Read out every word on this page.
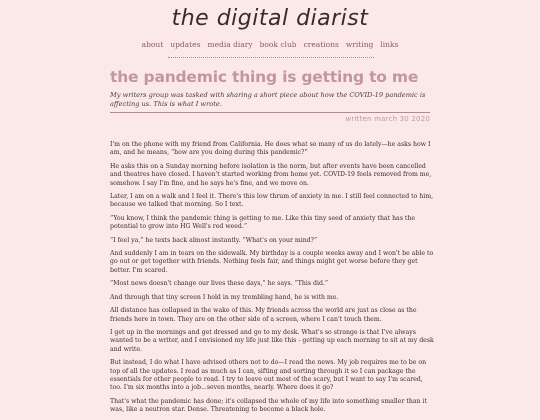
the digital diarist
about updates media diary book club creations writing links
the pandemic thing is getting to me
My writers group was tasked with sharing a short piece about how the COVID-19 pandemic is affecting us. This is what I wrote.
written march 30 2020

I'm on the phone with my friend from California. He does what so many of us do lately—he asks how I am, and he means, “how are you doing during this pandemic?”

He asks this on a Sunday morning before isolation is the norm, but after events have been cancelled and theatres have closed. I haven't started working from home yet. COVID-19 feels removed from me, somehow. I say I'm fine, and he says he's fine, and we move on.

Later, I am on a walk and I feel it. There's this low thrum of anxiety in me. I still feel connected to him, because we talked that morning. So I text.

“You know, I think the pandemic thing is getting to me. Like this tiny seed of anxiety that has the potential to grow into HG Well's red weed.”

“I feel ya,” he texts back almost instantly. “What's on your mind?”

And suddenly I am in tears on the sidewalk. My birthday is a couple weeks away and I won't be able to go out or get together with friends. Nothing feels fair, and things might get worse before they get better. I'm scared.

“Most news doesn't change our lives these days,” he says. “This did.”

And through that tiny screen I hold in my trembling hand, he is with me.

All distance has collapsed in the wake of this. My friends across the world are just as close as the friends here in town. They are on the other side of a screen, where I can't touch them.

I get up in the mornings and get dressed and go to my desk. What's so strange is that I've always wanted to be a writer, and I envisioned my life just like this - getting up each morning to sit at my desk and write.

But instead, I do what I have advised others not to do—I read the news. My job requires me to be on top of all the updates. I read as much as I can, sifting and sorting through it so I can package the essentials for other people to read. I try to leave out most of the scary, but I want to say I'm scared, too. I'm six months into a job...seven months, nearly. Where does it go?

That's what the pandemic has done; it's collapsed the whole of my life into something smaller than it was, like a neutron star. Dense. Threatening to become a black hole.
